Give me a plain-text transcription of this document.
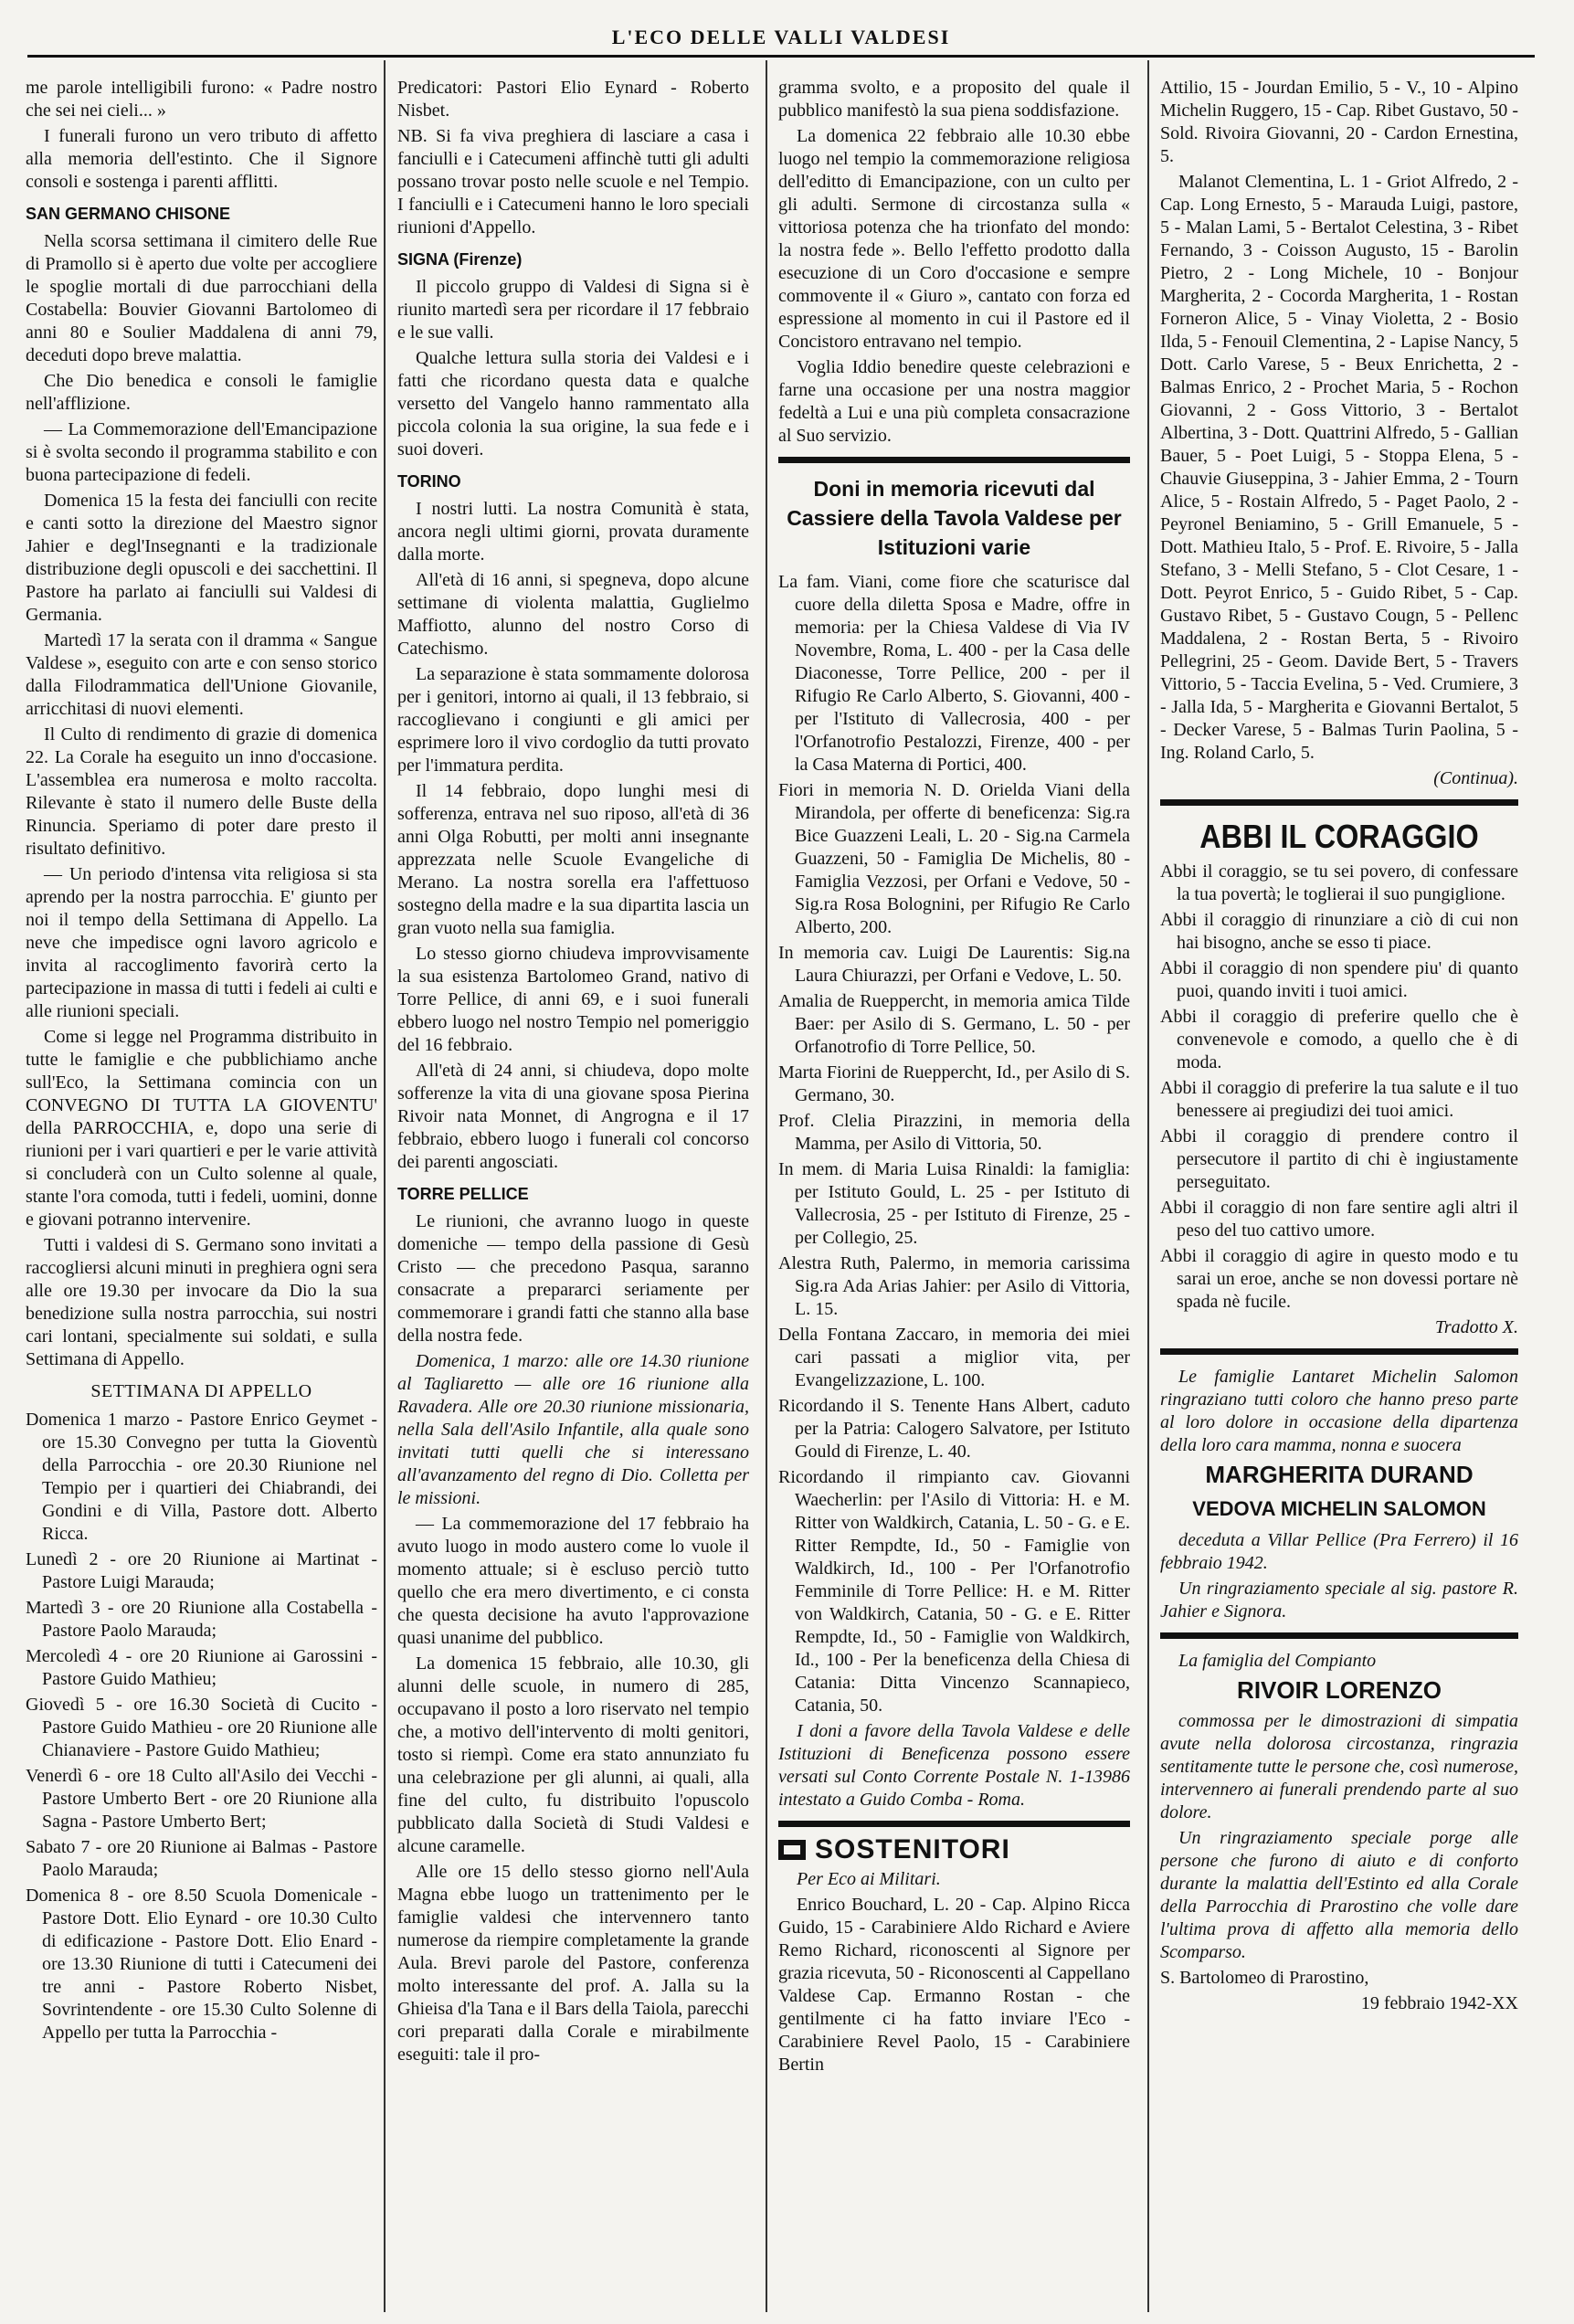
L'ECO DELLE VALLI VALDESI

me parole intelligibili furono: « Padre nostro che sei nei cieli... »

I funerali furono un vero tributo di affetto alla memoria dell'estinto. Che il Signore consoli e sostenga i parenti afflitti.

SAN GERMANO CHISONE

Nella scorsa settimana il cimitero delle Rue di Pramollo si è aperto due volte per accogliere le spoglie mortali di due parrocchiani della Costabella: Bouvier Giovanni Bartolomeo di anni 80 e Soulier Maddalena di anni 79, deceduti dopo breve malattia.

Che Dio benedica e consoli le famiglie nell'afflizione.

— La Commemorazione dell'Emancipazione si è svolta secondo il programma stabilito e con buona partecipazione di fedeli.

Domenica 15 la festa dei fanciulli con recite e canti sotto la direzione del Maestro signor Jahier e degl'Insegnanti e la tradizionale distribuzione degli opuscoli e dei sacchettini. Il Pastore ha parlato ai fanciulli sui Valdesi di Germania.

Martedì 17 la serata con il dramma « Sangue Valdese », eseguito con arte e con senso storico dalla Filodrammatica dell'Unione Giovanile, arricchitasi di nuovi elementi.

Il Culto di rendimento di grazie di domenica 22. La Corale ha eseguito un inno d'occasione. L'assemblea era numerosa e molto raccolta. Rilevante è stato il numero delle Buste della Rinuncia. Speriamo di poter dare presto il risultato definitivo.

— Un periodo d'intensa vita religiosa si sta aprendo per la nostra parrocchia. E' giunto per noi il tempo della Settimana di Appello. La neve che impedisce ogni lavoro agricolo e invita al raccoglimento favorirà certo la partecipazione in massa di tutti i fedeli ai culti e alle riunioni speciali.

Come si legge nel Programma distribuito in tutte le famiglie e che pubblichiamo anche sull'Eco, la Settimana comincia con un CONVEGNO DI TUTTA LA GIOVENTU' della PARROCCHIA, e, dopo una serie di riunioni per i vari quartieri e per le varie attività si concluderà con un Culto solenne al quale, stante l'ora comoda, tutti i fedeli, uomini, donne e giovani potranno intervenire.

Tutti i valdesi di S. Germano sono invitati a raccogliersi alcuni minuti in preghiera ogni sera alle ore 19.30 per invocare da Dio la sua benedizione sulla nostra parrocchia, sui nostri cari lontani, specialmente sui soldati, e sulla Settimana di Appello.

SETTIMANA DI APPELLO

Domenica 1 marzo - Pastore Enrico Geymet - ore 15.30 Convegno per tutta la Gioventù della Parrocchia - ore 20.30 Riunione nel Tempio per i quartieri dei Chiabrandi, dei Gondini e di Villa, Pastore dott. Alberto Ricca.

Lunedì 2 - ore 20 Riunione ai Martinat - Pastore Luigi Marauda;

Martedì 3 - ore 20 Riunione alla Costabella - Pastore Paolo Marauda;

Mercoledì 4 - ore 20 Riunione ai Garossini - Pastore Guido Mathieu;

Giovedì 5 - ore 16.30 Società di Cucito - Pastore Guido Mathieu - ore 20 Riunione alle Chianaviere - Pastore Guido Mathieu;

Venerdì 6 - ore 18 Culto all'Asilo dei Vecchi - Pastore Umberto Bert - ore 20 Riunione alla Sagna - Pastore Umberto Bert;

Sabato 7 - ore 20 Riunione ai Balmas - Pastore Paolo Marauda;

Domenica 8 - ore 8.50 Scuola Domenicale - Pastore Dott. Elio Eynard - ore 10.30 Culto di edificazione - Pastore Dott. Elio Enard - ore 13.30 Riunione di tutti i Catecumeni dei tre anni - Pastore Roberto Nisbet, Sovrintendente - ore 15.30 Culto Solenne di Appello per tutta la Parrocchia -

Predicatori: Pastori Elio Eynard - Roberto Nisbet.

NB. Si fa viva preghiera di lasciare a casa i fanciulli e i Catecumeni affinchè tutti gli adulti possano trovar posto nelle scuole e nel Tempio. I fanciulli e i Catecumeni hanno le loro speciali riunioni d'Appello.

SIGNA (Firenze)

Il piccolo gruppo di Valdesi di Signa si è riunito martedì sera per ricordare il 17 febbraio e le sue valli.

Qualche lettura sulla storia dei Valdesi e i fatti che ricordano questa data e qualche versetto del Vangelo hanno rammentato alla piccola colonia la sua origine, la sua fede e i suoi doveri.

TORINO

I nostri lutti. La nostra Comunità è stata, ancora negli ultimi giorni, provata duramente dalla morte.

All'età di 16 anni, si spegneva, dopo alcune settimane di violenta malattia, Guglielmo Maffiotto, alunno del nostro Corso di Catechismo.

La separazione è stata sommamente dolorosa per i genitori, intorno ai quali, il 13 febbraio, si raccoglievano i congiunti e gli amici per esprimere loro il vivo cordoglio da tutti provato per l'immatura perdita.

Il 14 febbraio, dopo lunghi mesi di sofferenza, entrava nel suo riposo, all'età di 36 anni Olga Robutti, per molti anni insegnante apprezzata nelle Scuole Evangeliche di Merano. La nostra sorella era l'affettuoso sostegno della madre e la sua dipartita lascia un gran vuoto nella sua famiglia.

Lo stesso giorno chiudeva improvvisamente la sua esistenza Bartolomeo Grand, nativo di Torre Pellice, di anni 69, e i suoi funerali ebbero luogo nel nostro Tempio nel pomeriggio del 16 febbraio.

All'età di 24 anni, si chiudeva, dopo molte sofferenze la vita di una giovane sposa Pierina Rivoir nata Monnet, di Angrogna e il 17 febbraio, ebbero luogo i funerali col concorso dei parenti angosciati.

TORRE PELLICE

Le riunioni, che avranno luogo in queste domeniche — tempo della passione di Gesù Cristo — che precedono Pasqua, saranno consacrate a prepararci seriamente per commemorare i grandi fatti che stanno alla base della nostra fede.

Domenica, 1 marzo: alle ore 14.30 riunione al Tagliaretto — alle ore 16 riunione alla Ravadera. Alle ore 20.30 riunione missionaria, nella Sala dell'Asilo Infantile, alla quale sono invitati tutti quelli che si interessano all'avanzamento del regno di Dio. Colletta per le missioni.

— La commemorazione del 17 febbraio ha avuto luogo in modo austero come lo vuole il momento attuale; si è escluso perciò tutto quello che era mero divertimento, e ci consta che questa decisione ha avuto l'approvazione quasi unanime del pubblico.

La domenica 15 febbraio, alle 10.30, gli alunni delle scuole, in numero di 285, occupavano il posto a loro riservato nel tempio che, a motivo dell'intervento di molti genitori, tosto si riempì. Come era stato annunziato fu una celebrazione per gli alunni, ai quali, alla fine del culto, fu distribuito l'opuscolo pubblicato dalla Società di Studi Valdesi e alcune caramelle.

Alle ore 15 dello stesso giorno nell'Aula Magna ebbe luogo un trattenimento per le famiglie valdesi che intervennero tanto numerose da riempire completamente la grande Aula. Brevi parole del Pastore, conferenza molto interessante del prof. A. Jalla su la Ghieisa d'la Tana e il Bars della Taiola, parecchi cori preparati dalla Corale e mirabilmente eseguiti: tale il pro-

gramma svolto, e a proposito del quale il pubblico manifestò la sua piena soddisfazione.

La domenica 22 febbraio alle 10.30 ebbe luogo nel tempio la commemorazione religiosa dell'editto di Emancipazione, con un culto per gli adulti. Sermone di circostanza sulla « vittoriosa potenza che ha trionfato del mondo: la nostra fede ». Bello l'effetto prodotto dalla esecuzione di un Coro d'occasione e sempre commovente il « Giuro », cantato con forza ed espressione al momento in cui il Pastore ed il Concistoro entravano nel tempio.

Voglia Iddio benedire queste celebrazioni e farne una occasione per una nostra maggior fedeltà a Lui e una più completa consacrazione al Suo servizio.

Doni in memoria ricevuti dal Cassiere della Tavola Valdese per Istituzioni varie

La fam. Viani, come fiore che scaturisce dal cuore della diletta Sposa e Madre, offre in memoria: per la Chiesa Valdese di Via IV Novembre, Roma, L. 400 - per la Casa delle Diaconesse, Torre Pellice, 200 - per il Rifugio Re Carlo Alberto, S. Giovanni, 400 - per l'Istituto di Vallecrosia, 400 - per l'Orfanotrofio Pestalozzi, Firenze, 400 - per la Casa Materna di Portici, 400.

Fiori in memoria N. D. Orielda Viani della Mirandola, per offerte di beneficenza: Sig.ra Bice Guazzeni Leali, L. 20 - Sig.na Carmela Guazzeni, 50 - Famiglia De Michelis, 80 - Famiglia Vezzosi, per Orfani e Vedove, 50 - Sig.ra Rosa Bolognini, per Rifugio Re Carlo Alberto, 200.

In memoria cav. Luigi De Laurentis: Sig.na Laura Chiurazzi, per Orfani e Vedove, L. 50.

Amalia de Rueppercht, in memoria amica Tilde Baer: per Asilo di S. Germano, L. 50 - per Orfanotrofio di Torre Pellice, 50.

Marta Fiorini de Rueppercht, Id., per Asilo di S. Germano, 30.

Prof. Clelia Pirazzini, in memoria della Mamma, per Asilo di Vittoria, 50.

In mem. di Maria Luisa Rinaldi: la famiglia: per Istituto Gould, L. 25 - per Istituto di Vallecrosia, 25 - per Istituto di Firenze, 25 - per Collegio, 25.

Alestra Ruth, Palermo, in memoria carissima Sig.ra Ada Arias Jahier: per Asilo di Vittoria, L. 15.

Della Fontana Zaccaro, in memoria dei miei cari passati a miglior vita, per Evangelizzazione, L. 100.

Ricordando il S. Tenente Hans Albert, caduto per la Patria: Calogero Salvatore, per Istituto Gould di Firenze, L. 40.

Ricordando il rimpianto cav. Giovanni Waecherlin: per l'Asilo di Vittoria: H. e M. Ritter von Waldkirch, Catania, L. 50 - G. e E. Ritter Rempdte, Id., 50 - Famiglie von Waldkirch, Id., 100 - Per l'Orfanotrofio Femminile di Torre Pellice: H. e M. Ritter von Waldkirch, Catania, 50 - G. e E. Ritter Rempdte, Id., 50 - Famiglie von Waldkirch, Id., 100 - Per la beneficenza della Chiesa di Catania: Ditta Vincenzo Scannapieco, Catania, 50.

I doni a favore della Tavola Valdese e delle Istituzioni di Beneficenza possono essere versati sul Conto Corrente Postale N. 1-13986 intestato a Guido Comba - Roma.

SOSTENITORI

Per Eco ai Militari.

Enrico Bouchard, L. 20 - Cap. Alpino Ricca Guido, 15 - Carabiniere Aldo Richard e Aviere Remo Richard, riconoscenti al Signore per grazia ricevuta, 50 - Riconoscenti al Cappellano Valdese Cap. Ermanno Rostan - che gentilmente ci ha fatto inviare l'Eco - Carabiniere Revel Paolo, 15 - Carabiniere Bertin

Attilio, 15 - Jourdan Emilio, 5 - V., 10 - Alpino Michelin Ruggero, 15 - Cap. Ribet Gustavo, 50 - Sold. Rivoira Giovanni, 20 - Cardon Ernestina, 5.

Malanot Clementina, L. 1 - Griot Alfredo, 2 - Cap. Long Ernesto, 5 - Marauda Luigi, pastore, 5 - Malan Lami, 5 - Bertalot Celestina, 3 - Ribet Fernando, 3 - Coisson Augusto, 15 - Barolin Pietro, 2 - Long Michele, 10 - Bonjour Margherita, 2 - Cocorda Margherita, 1 - Rostan Forneron Alice, 5 - Vinay Violetta, 2 - Bosio Ilda, 5 - Fenouil Clementina, 2 - Lapise Nancy, 5 Dott. Carlo Varese, 5 - Beux Enrichetta, 2 - Balmas Enrico, 2 - Prochet Maria, 5 - Rochon Giovanni, 2 - Goss Vittorio, 3 - Bertalot Albertina, 3 - Dott. Quattrini Alfredo, 5 - Gallian Bauer, 5 - Poet Luigi, 5 - Stoppa Elena, 5 - Chauvie Giuseppina, 3 - Jahier Emma, 2 - Tourn Alice, 5 - Rostain Alfredo, 5 - Paget Paolo, 2 - Peyronel Beniamino, 5 - Grill Emanuele, 5 - Dott. Mathieu Italo, 5 - Prof. E. Rivoire, 5 - Jalla Stefano, 3 - Melli Stefano, 5 - Clot Cesare, 1 - Dott. Peyrot Enrico, 5 - Guido Ribet, 5 - Cap. Gustavo Ribet, 5 - Gustavo Cougn, 5 - Pellenc Maddalena, 2 - Rostan Berta, 5 - Rivoiro Pellegrini, 25 - Geom. Davide Bert, 5 - Travers Vittorio, 5 - Taccia Evelina, 5 - Ved. Crumiere, 3 - Jalla Ida, 5 - Margherita e Giovanni Bertalot, 5 - Decker Varese, 5 - Balmas Turin Paolina, 5 - Ing. Roland Carlo, 5.

(Continua).

ABBI IL CORAGGIO

Abbi il coraggio, se tu sei povero, di confessare la tua povertà; le toglierai il suo pungiglione.

Abbi il coraggio di rinunziare a ciò di cui non hai bisogno, anche se esso ti piace.

Abbi il coraggio di non spendere piu' di quanto puoi, quando inviti i tuoi amici.

Abbi il coraggio di preferire quello che è convenevole e comodo, a quello che è di moda.

Abbi il coraggio di preferire la tua salute e il tuo benessere ai pregiudizi dei tuoi amici.

Abbi il coraggio di prendere contro il persecutore il partito di chi è ingiustamente perseguitato.

Abbi il coraggio di non fare sentire agli altri il peso del tuo cattivo umore.

Abbi il coraggio di agire in questo modo e tu sarai un eroe, anche se non dovessi portare nè spada nè fucile.

Tradotto X.

Le famiglie Lantaret Michelin Salomon ringraziano tutti coloro che hanno preso parte al loro dolore in occasione della dipartenza della loro cara mamma, nonna e suocera

MARGHERITA DURAND
VEDOVA MICHELIN SALOMON

deceduta a Villar Pellice (Pra Ferrero) il 16 febbraio 1942.

Un ringraziamento speciale al sig. pastore R. Jahier e Signora.

La famiglia del Compianto

RIVOIR LORENZO

commossa per le dimostrazioni di simpatia avute nella dolorosa circostanza, ringrazia sentitamente tutte le persone che, così numerose, intervennero ai funerali prendendo parte al suo dolore.

Un ringraziamento speciale porge alle persone che furono di aiuto e di conforto durante la malattia dell'Estinto ed alla Corale della Parrocchia di Prarostino che volle dare l'ultima prova di affetto alla memoria dello Scomparso.

S. Bartolomeo di Prarostino,

19 febbraio 1942-XX
